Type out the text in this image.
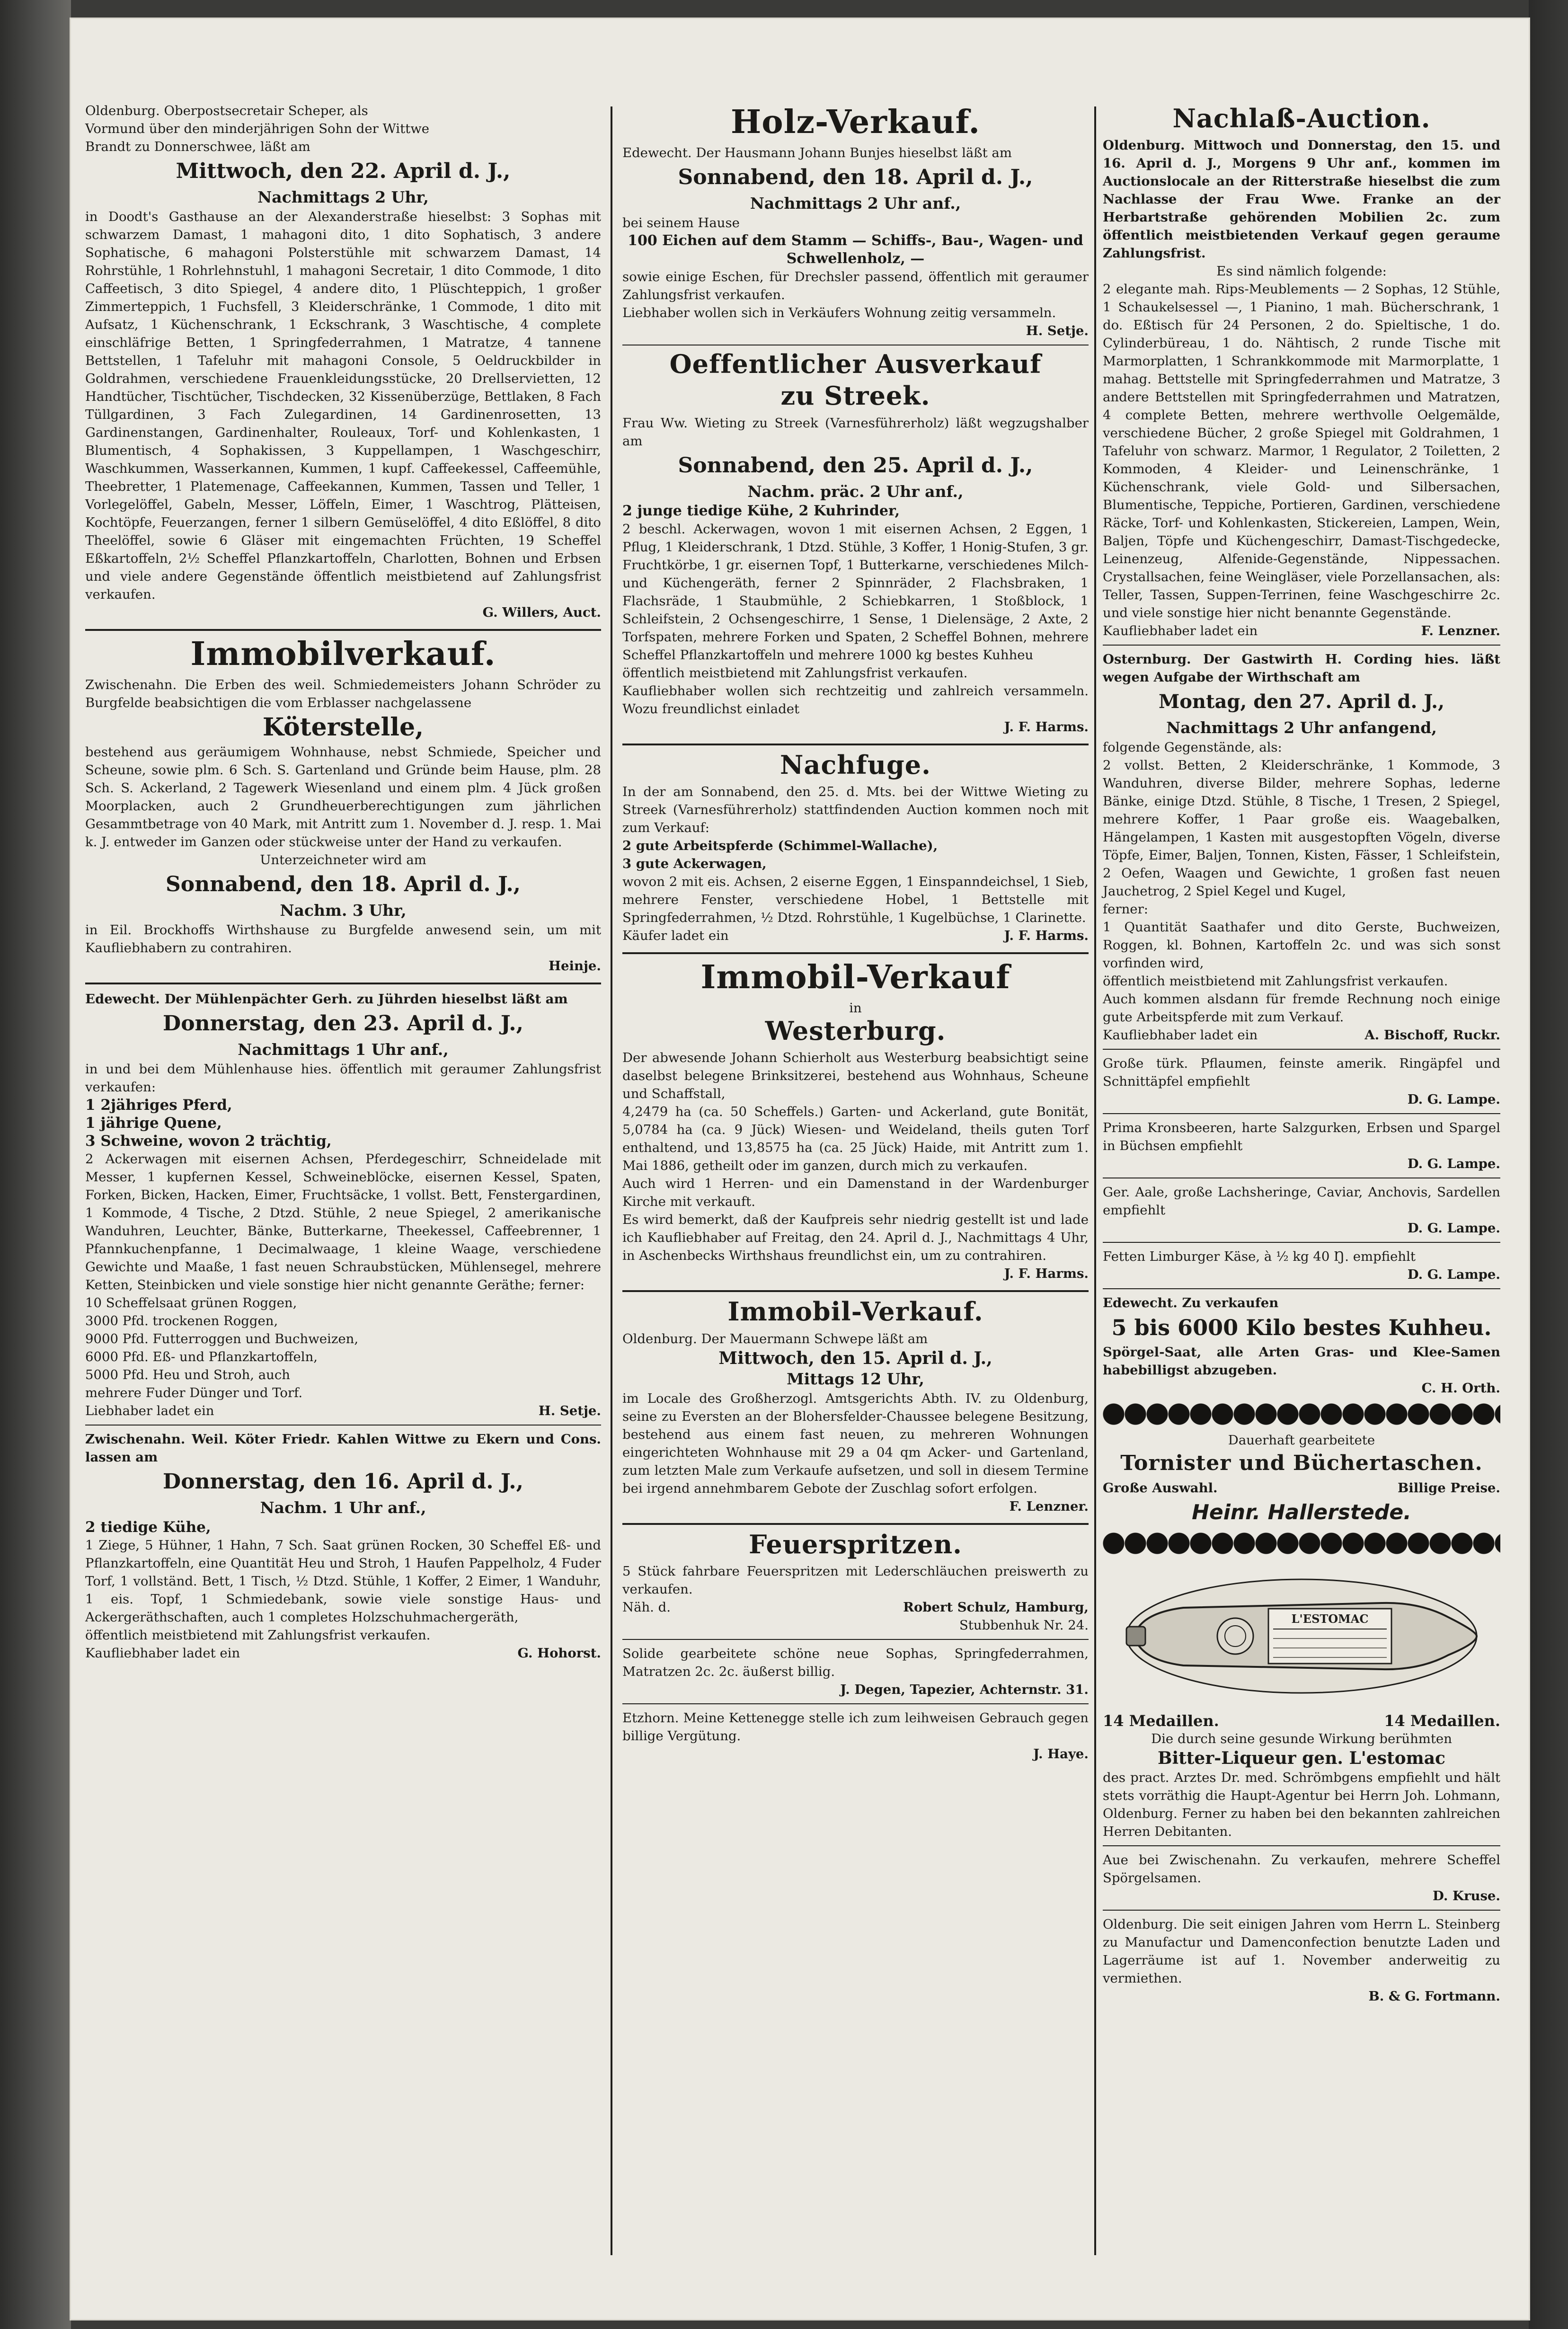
Oldenburg. Oberpostsecretair Scheper, als

Vormund über den minderjährigen Sohn der Wittwe

Brandt zu Donnerschwee, läßt am

Mittwoch, den 22. April d. J.,
Nachmittags 2 Uhr,

in Doodt's Gasthause an der Alexanderstraße hieselbst: 3 Sophas mit schwarzem Damast, 1 mahagoni dito, 1 dito Sophatisch, 3 andere Sophatische, 6 mahagoni Polsterstühle mit schwarzem Damast, 14 Rohrstühle, 1 Rohrlehnstuhl, 1 mahagoni Secretair, 1 dito Commode, 1 dito Caffeetisch, 3 dito Spiegel, 4 andere dito, 1 Plüschteppich, 1 großer Zimmerteppich, 1 Fuchsfell, 3 Kleiderschränke, 1 Commode, 1 dito mit Aufsatz, 1 Küchenschrank, 1 Eckschrank, 3 Waschtische, 4 complete einschläfrige Betten, 1 Springfederrahmen, 1 Matratze, 4 tannene Bettstellen, 1 Tafeluhr mit mahagoni Console, 5 Oeldruckbilder in Goldrahmen, verschiedene Frauenkleidungsstücke, 20 Drellservietten, 12 Handtücher, Tischtücher, Tischdecken, 32 Kissenüberzüge, Bettlaken, 8 Fach Tüllgardinen, 3 Fach Zulegardinen, 14 Gardinenrosetten, 13 Gardinenstangen, Gardinenhalter, Rouleaux, Torf- und Kohlenkasten, 1 Blumentisch, 4 Sophakissen, 3 Kuppellampen, 1 Waschgeschirr, Waschkummen, Wasserkannen, Kummen, 1 kupf. Caffeekessel, Caffeemühle, Theebretter, 1 Platemenage, Caffeekannen, Kummen, Tassen und Teller, 1 Vorlegelöffel, Gabeln, Messer, Löffeln, Eimer, 1 Waschtrog, Plätteisen, Kochtöpfe, Feuerzangen, ferner 1 silbern Gemüselöffel, 4 dito Eßlöffel, 8 dito Theelöffel, sowie 6 Gläser mit eingemachten Früchten, 19 Scheffel Eßkartoffeln, 2½ Scheffel Pflanzkartoffeln, Charlotten, Bohnen und Erbsen und viele andere Gegenstände öffentlich meistbietend auf Zahlungsfrist verkaufen.

G. Willers, Auct.

Immobilverkauf.

Zwischenahn. Die Erben des weil. Schmiedemeisters Johann Schröder zu Burgfelde beabsichtigen die vom Erblasser nachgelassene

Köterstelle,

bestehend aus geräumigem Wohnhause, nebst Schmiede, Speicher und Scheune, sowie plm. 6 Sch. S. Gartenland und Gründe beim Hause, plm. 28 Sch. S. Ackerland, 2 Tagewerk Wiesenland und einem plm. 4 Jück großen Moorplacken, auch 2 Grundheuerberechtigungen zum jährlichen Gesammtbetrage von 40 Mark, mit Antritt zum 1. November d. J. resp. 1. Mai k. J. entweder im Ganzen oder stückweise unter der Hand zu verkaufen.

Unterzeichneter wird am

Sonnabend, den 18. April d. J.,
Nachm. 3 Uhr,

in Eil. Brockhoffs Wirthshause zu Burgfelde anwesend sein, um mit Kaufliebhabern zu contrahiren.

Heinje.

Edewecht. Der Mühlenpächter Gerh. zu Jührden hieselbst läßt am

Donnerstag, den 23. April d. J.,
Nachmittags 1 Uhr anf.,

in und bei dem Mühlenhause hies. öffentlich mit geraumer Zahlungsfrist verkaufen:

1 2jähriges Pferd,

1 jährige Quene,

3 Schweine, wovon 2 trächtig,

2 Ackerwagen mit eisernen Achsen, Pferdegeschirr, Schneidelade mit Messer, 1 kupfernen Kessel, Schweineblöcke, eisernen Kessel, Spaten, Forken, Bicken, Hacken, Eimer, Fruchtsäcke, 1 vollst. Bett, Fenstergardinen, 1 Kommode, 4 Tische, 2 Dtzd. Stühle, 2 neue Spiegel, 2 amerikanische Wanduhren, Leuchter, Bänke, Butterkarne, Theekessel, Caffeebrenner, 1 Pfannkuchenpfanne, 1 Decimalwaage, 1 kleine Waage, verschiedene Gewichte und Maaße, 1 fast neuen Schraubstücken, Mühlensegel, mehrere Ketten, Steinbicken und viele sonstige hier nicht genannte Geräthe; ferner:

10 Scheffelsaat grünen Roggen,

3000 Pfd. trockenen Roggen,

9000 Pfd. Futterroggen und Buchweizen,

6000 Pfd. Eß- und Pflanzkartoffeln,

5000 Pfd. Heu und Stroh, auch

mehrere Fuder Dünger und Torf.

Liebhaber ladet ein	H. Setje.

Zwischenahn. Weil. Köter Friedr. Kahlen Wittwe zu Ekern und Cons. lassen am

Donnerstag, den 16. April d. J.,
Nachm. 1 Uhr anf.,

2 tiedige Kühe,

1 Ziege, 5 Hühner, 1 Hahn, 7 Sch. Saat grünen Rocken, 30 Scheffel Eß- und Pflanzkartoffeln, eine Quantität Heu und Stroh, 1 Haufen Pappelholz, 4 Fuder Torf, 1 vollständ. Bett, 1 Tisch, ½ Dtzd. Stühle, 1 Koffer, 2 Eimer, 1 Wanduhr, 1 eis. Topf, 1 Schmiedebank, sowie viele sonstige Haus- und Ackergeräthschaften, auch 1 completes Holzschuhmachergeräth,

öffentlich meistbietend mit Zahlungsfrist verkaufen.

Kaufliebhaber ladet ein	G. Hohorst.
Holz-Verkauf.

Edewecht. Der Hausmann Johann Bunjes hieselbst läßt am

Sonnabend, den 18. April d. J.,
Nachmittags 2 Uhr anf.,

bei seinem Hause

100 Eichen auf dem Stamm — Schiffs-, Bau-, Wagen- und Schwellenholz, —

sowie einige Eschen, für Drechsler passend, öffentlich mit geraumer Zahlungsfrist verkaufen.

Liebhaber wollen sich in Verkäufers Wohnung zeitig versammeln.

H. Setje.

Oeffentlicher Ausverkauf
zu Streek.

Frau Ww. Wieting zu Streek (Varnesführerholz) läßt wegzugshalber am

Sonnabend, den 25. April d. J.,
Nachm. präc. 2 Uhr anf.,

2 junge tiedige Kühe, 2 Kuhrinder,

2 beschl. Ackerwagen, wovon 1 mit eisernen Achsen, 2 Eggen, 1 Pflug, 1 Kleiderschrank, 1 Dtzd. Stühle, 3 Koffer, 1 Honig-Stufen, 3 gr. Fruchtkörbe, 1 gr. eisernen Topf, 1 Butterkarne, verschiedenes Milch- und Küchengeräth, ferner 2 Spinnräder, 2 Flachsbraken, 1 Flachsräde, 1 Staubmühle, 2 Schiebkarren, 1 Stoßblock, 1 Schleifstein, 2 Ochsengeschirre, 1 Sense, 1 Dielensäge, 2 Axte, 2 Torfspaten, mehrere Forken und Spaten, 2 Scheffel Bohnen, mehrere Scheffel Pflanzkartoffeln und mehrere 1000 kg bestes Kuhheu

öffentlich meistbietend mit Zahlungsfrist verkaufen.

Kaufliebhaber wollen sich rechtzeitig und zahlreich versammeln. Wozu freundlichst einladet

J. F. Harms.

Nachfuge.

In der am Sonnabend, den 25. d. Mts. bei der Wittwe Wieting zu Streek (Varnesführerholz) stattfindenden Auction kommen noch mit zum Verkauf:

2 gute Arbeitspferde (Schimmel-Wallache),

3 gute Ackerwagen,

wovon 2 mit eis. Achsen, 2 eiserne Eggen, 1 Einspanndeichsel, 1 Sieb, mehrere Fenster, verschiedene Hobel, 1 Bettstelle mit Springfederrahmen, ½ Dtzd. Rohrstühle, 1 Kugelbüchse, 1 Clarinette.

Käufer ladet ein	J. F. Harms.
Immobil-Verkauf

in

Westerburg.

Der abwesende Johann Schierholt aus Westerburg beabsichtigt seine daselbst belegene Brinksitzerei, bestehend aus Wohnhaus, Scheune und Schaffstall,

4,2479 ha (ca. 50 Scheffels.) Garten- und Ackerland, gute Bonität, 5,0784 ha (ca. 9 Jück) Wiesen- und Weideland, theils guten Torf enthaltend, und 13,8575 ha (ca. 25 Jück) Haide, mit Antritt zum 1. Mai 1886, getheilt oder im ganzen, durch mich zu verkaufen.

Auch wird 1 Herren- und ein Damenstand in der Wardenburger Kirche mit verkauft.

Es wird bemerkt, daß der Kaufpreis sehr niedrig gestellt ist und lade ich Kaufliebhaber auf Freitag, den 24. April d. J., Nachmittags 4 Uhr, in Aschenbecks Wirthshaus freundlichst ein, um zu contrahiren.

J. F. Harms.

Immobil-Verkauf.

Oldenburg. Der Mauermann Schwepe läßt am

Mittwoch, den 15. April d. J.,
Mittags 12 Uhr,

im Locale des Großherzogl. Amtsgerichts Abth. IV. zu Oldenburg, seine zu Eversten an der Blohersfelder-Chaussee belegene Besitzung, bestehend aus einem fast neuen, zu mehreren Wohnungen eingerichteten Wohnhause mit 29 a 04 qm Acker- und Gartenland, zum letzten Male zum Verkaufe aufsetzen, und soll in diesem Termine bei irgend annehmbarem Gebote der Zuschlag sofort erfolgen.

F. Lenzner.

Feuerspritzen.

5 Stück fahrbare Feuerspritzen mit Lederschläuchen preiswerth zu verkaufen.

Näh. d.	Robert Schulz, Hamburg,

Stubbenhuk Nr. 24.

Solide gearbeitete schöne neue Sophas, Springfederrahmen, Matratzen 2c. 2c. äußerst billig.

J. Degen, Tapezier, Achternstr. 31.

Etzhorn. Meine Kettenegge stelle ich zum leihweisen Gebrauch gegen billige Vergütung.

J. Haye.

Nachlaß-Auction.

Oldenburg. Mittwoch und Donnerstag, den 15. und 16. April d. J., Morgens 9 Uhr anf., kommen im Auctionslocale an der Ritterstraße hieselbst die zum Nachlasse der Frau Wwe. Franke an der Herbartstraße gehörenden Mobilien 2c. zum öffentlich meistbietenden Verkauf gegen geraume Zahlungsfrist.

Es sind nämlich folgende:

2 elegante mah. Rips-Meublements — 2 Sophas, 12 Stühle, 1 Schaukelsessel —, 1 Pianino, 1 mah. Bücherschrank, 1 do. Eßtisch für 24 Personen, 2 do. Spieltische, 1 do. Cylinderbüreau, 1 do. Nähtisch, 2 runde Tische mit Marmorplatten, 1 Schrankkommode mit Marmorplatte, 1 mahag. Bettstelle mit Springfederrahmen und Matratze, 3 andere Bettstellen mit Springfederrahmen und Matratzen, 4 complete Betten, mehrere werthvolle Oelgemälde, verschiedene Bücher, 2 große Spiegel mit Goldrahmen, 1 Tafeluhr von schwarz. Marmor, 1 Regulator, 2 Toiletten, 2 Kommoden, 4 Kleider- und Leinenschränke, 1 Küchenschrank, viele Gold- und Silbersachen, Blumentische, Teppiche, Portieren, Gardinen, verschiedene Räcke, Torf- und Kohlenkasten, Stickereien, Lampen, Wein, Baljen, Töpfe und Küchengeschirr, Damast-Tischgedecke, Leinenzeug, Alfenide-Gegenstände, Nippessachen. Crystallsachen, feine Weingläser, viele Porzellansachen, als: Teller, Tassen, Suppen-Terrinen, feine Waschgeschirre 2c. und viele sonstige hier nicht benannte Gegenstände.

Kaufliebhaber ladet ein	F. Lenzner.

Osternburg. Der Gastwirth H. Cording hies. läßt wegen Aufgabe der Wirthschaft am

Montag, den 27. April d. J.,
Nachmittags 2 Uhr anfangend,

folgende Gegenstände, als:

2 vollst. Betten, 2 Kleiderschränke, 1 Kommode, 3 Wanduhren, diverse Bilder, mehrere Sophas, lederne Bänke, einige Dtzd. Stühle, 8 Tische, 1 Tresen, 2 Spiegel, mehrere Koffer, 1 Paar große eis. Waagebalken, Hängelampen, 1 Kasten mit ausgestopften Vögeln, diverse Töpfe, Eimer, Baljen, Tonnen, Kisten, Fässer, 1 Schleifstein, 2 Oefen, Waagen und Gewichte, 1 großen fast neuen Jauchetrog, 2 Spiel Kegel und Kugel,

ferner:

1 Quantität Saathafer und dito Gerste, Buchweizen, Roggen, kl. Bohnen, Kartoffeln 2c. und was sich sonst vorfinden wird,

öffentlich meistbietend mit Zahlungsfrist verkaufen.

Auch kommen alsdann für fremde Rechnung noch einige gute Arbeitspferde mit zum Verkauf.

Kaufliebhaber ladet ein	A. Bischoff, Ruckr.

Große türk. Pflaumen, feinste amerik. Ringäpfel und Schnittäpfel empfiehlt

D. G. Lampe.

Prima Kronsbeeren, harte Salzgurken, Erbsen und Spargel in Büchsen empfiehlt

D. G. Lampe.

Ger. Aale, große Lachsheringe, Caviar, Anchovis, Sardellen empfiehlt

D. G. Lampe.

Fetten Limburger Käse, à ½ kg 40 Ŋ. empfiehlt

D. G. Lampe.

Edewecht. Zu verkaufen

5 bis 6000 Kilo bestes Kuhheu.

Spörgel-Saat, alle Arten Gras- und Klee-Samen habebilligst abzugeben.

C. H. Orth.

Dauerhaft gearbeitete

Tornister und Büchertaschen.
Große Auswahl.	Billige Preise.
Heinr. Hallerstede.
L'ESTOMAC
14 Medaillen.	14 Medaillen.

Die durch seine gesunde Wirkung berühmten

Bitter-Liqueur gen. L'estomac

des pract. Arztes Dr. med. Schrömbgens empfiehlt und hält stets vorräthig die Haupt-Agentur bei Herrn Joh. Lohmann, Oldenburg. Ferner zu haben bei den bekannten zahlreichen Herren Debitanten.

Aue bei Zwischenahn. Zu verkaufen, mehrere Scheffel Spörgelsamen.

D. Kruse.

Oldenburg. Die seit einigen Jahren vom Herrn L. Steinberg zu Manufactur und Damenconfection benutzte Laden und Lagerräume ist auf 1. November anderweitig zu vermiethen.

B. & G. Fortmann.
